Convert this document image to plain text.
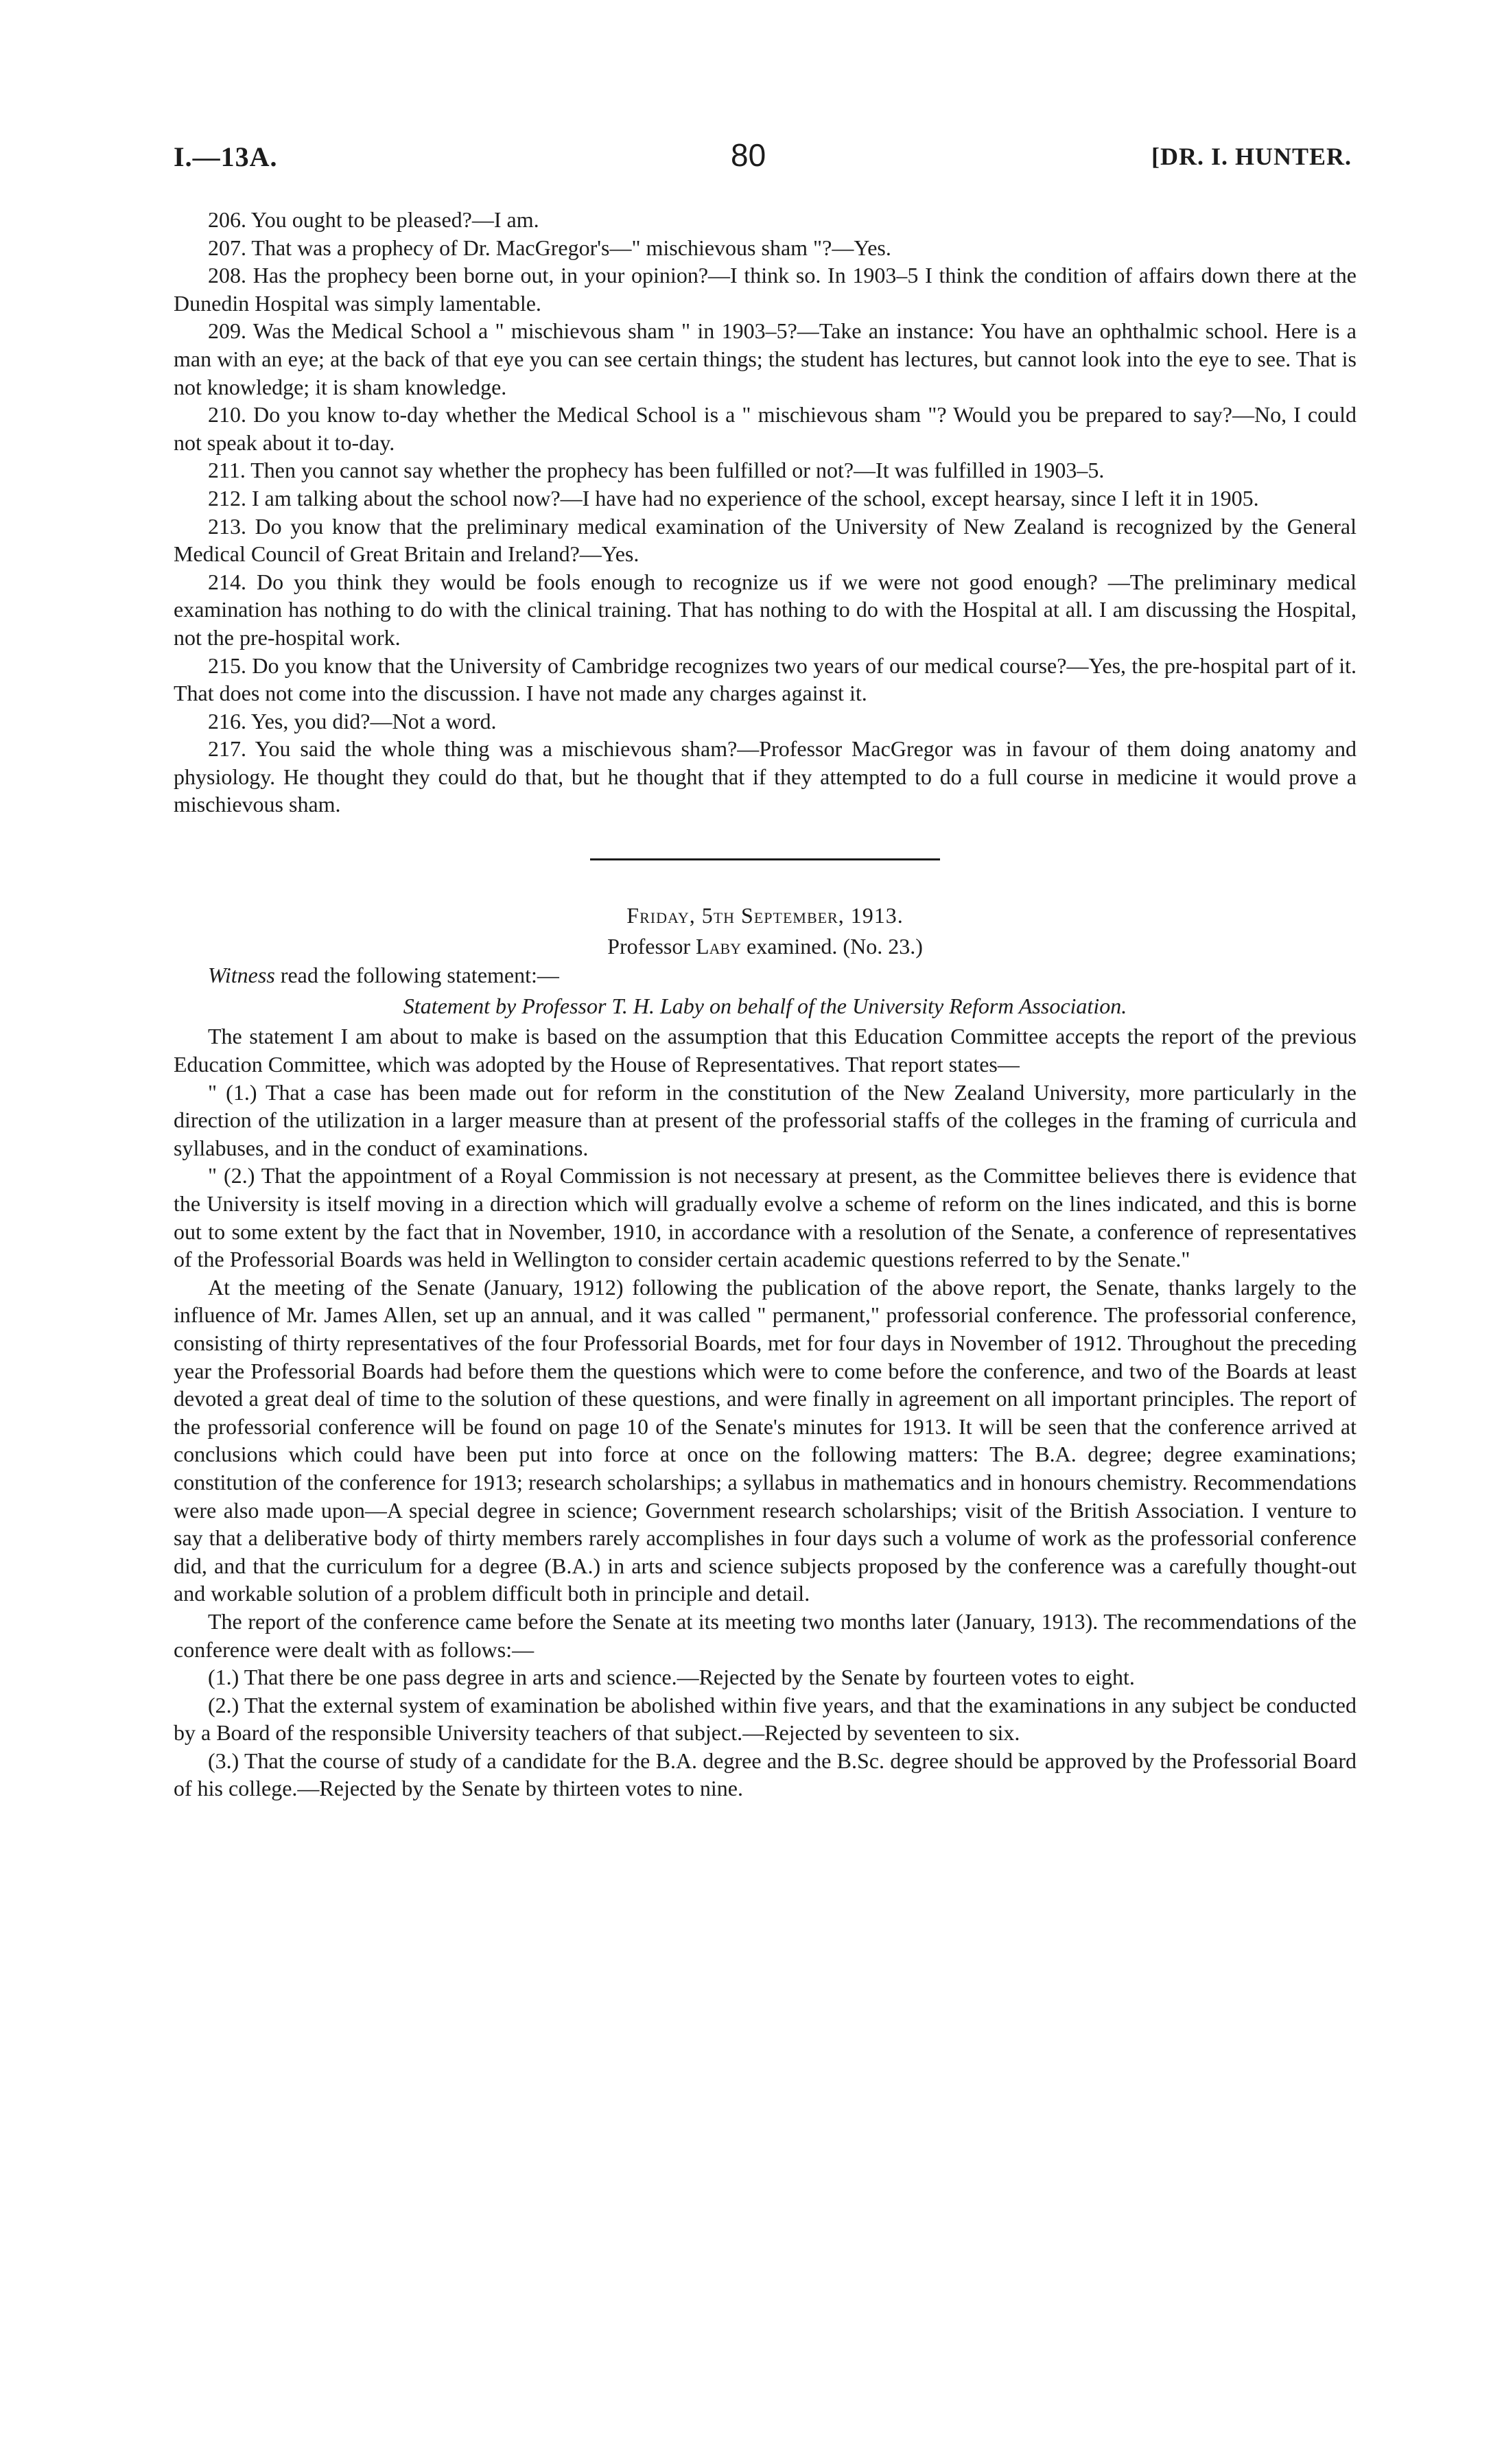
I.—13A.	80	[DR. I. HUNTER.

206. You ought to be pleased?—I am.

207. That was a prophecy of Dr. MacGregor's—" mischievous sham "?—Yes.

208. Has the prophecy been borne out, in your opinion?—I think so. In 1903–5 I think the condition of affairs down there at the Dunedin Hospital was simply lamentable.

209. Was the Medical School a " mischievous sham " in 1903–5?—Take an instance: You have an ophthalmic school. Here is a man with an eye; at the back of that eye you can see certain things; the student has lectures, but cannot look into the eye to see. That is not knowledge; it is sham knowledge.

210. Do you know to-day whether the Medical School is a " mischievous sham "? Would you be prepared to say?—No, I could not speak about it to-day.

211. Then you cannot say whether the prophecy has been fulfilled or not?—It was fulfilled in 1903–5.

212. I am talking about the school now?—I have had no experience of the school, except hearsay, since I left it in 1905.

213. Do you know that the preliminary medical examination of the University of New Zealand is recognized by the General Medical Council of Great Britain and Ireland?—Yes.

214. Do you think they would be fools enough to recognize us if we were not good enough? —The preliminary medical examination has nothing to do with the clinical training. That has nothing to do with the Hospital at all. I am discussing the Hospital, not the pre-hospital work.

215. Do you know that the University of Cambridge recognizes two years of our medical course?—Yes, the pre-hospital part of it. That does not come into the discussion. I have not made any charges against it.

216. Yes, you did?—Not a word.

217. You said the whole thing was a mischievous sham?—Professor MacGregor was in favour of them doing anatomy and physiology. He thought they could do that, but he thought that if they attempted to do a full course in medicine it would prove a mischievous sham.

Friday, 5th September, 1913.

Professor Laby examined. (No. 23.)

Witness read the following statement:—

Statement by Professor T. H. Laby on behalf of the University Reform Association.

The statement I am about to make is based on the assumption that this Education Committee accepts the report of the previous Education Committee, which was adopted by the House of Representatives. That report states—

" (1.) That a case has been made out for reform in the constitution of the New Zealand University, more particularly in the direction of the utilization in a larger measure than at present of the professorial staffs of the colleges in the framing of curricula and syllabuses, and in the conduct of examinations.

" (2.) That the appointment of a Royal Commission is not necessary at present, as the Committee believes there is evidence that the University is itself moving in a direction which will gradually evolve a scheme of reform on the lines indicated, and this is borne out to some extent by the fact that in November, 1910, in accordance with a resolution of the Senate, a conference of representatives of the Professorial Boards was held in Wellington to consider certain academic questions referred to by the Senate."

At the meeting of the Senate (January, 1912) following the publication of the above report, the Senate, thanks largely to the influence of Mr. James Allen, set up an annual, and it was called " permanent," professorial conference. The professorial conference, consisting of thirty representatives of the four Professorial Boards, met for four days in November of 1912. Throughout the preceding year the Professorial Boards had before them the questions which were to come before the conference, and two of the Boards at least devoted a great deal of time to the solution of these questions, and were finally in agreement on all important principles. The report of the professorial conference will be found on page 10 of the Senate's minutes for 1913. It will be seen that the conference arrived at conclusions which could have been put into force at once on the following matters: The B.A. degree; degree examinations; constitution of the conference for 1913; research scholarships; a syllabus in mathematics and in honours chemistry. Recommendations were also made upon—A special degree in science; Government research scholarships; visit of the British Association. I venture to say that a deliberative body of thirty members rarely accomplishes in four days such a volume of work as the professorial conference did, and that the curriculum for a degree (B.A.) in arts and science subjects proposed by the conference was a carefully thought-out and workable solution of a problem difficult both in principle and detail.

The report of the conference came before the Senate at its meeting two months later (January, 1913). The recommendations of the conference were dealt with as follows:—

(1.) That there be one pass degree in arts and science.—Rejected by the Senate by fourteen votes to eight.

(2.) That the external system of examination be abolished within five years, and that the examinations in any subject be conducted by a Board of the responsible University teachers of that subject.—Rejected by seventeen to six.

(3.) That the course of study of a candidate for the B.A. degree and the B.Sc. degree should be approved by the Professorial Board of his college.—Rejected by the Senate by thirteen votes to nine.
